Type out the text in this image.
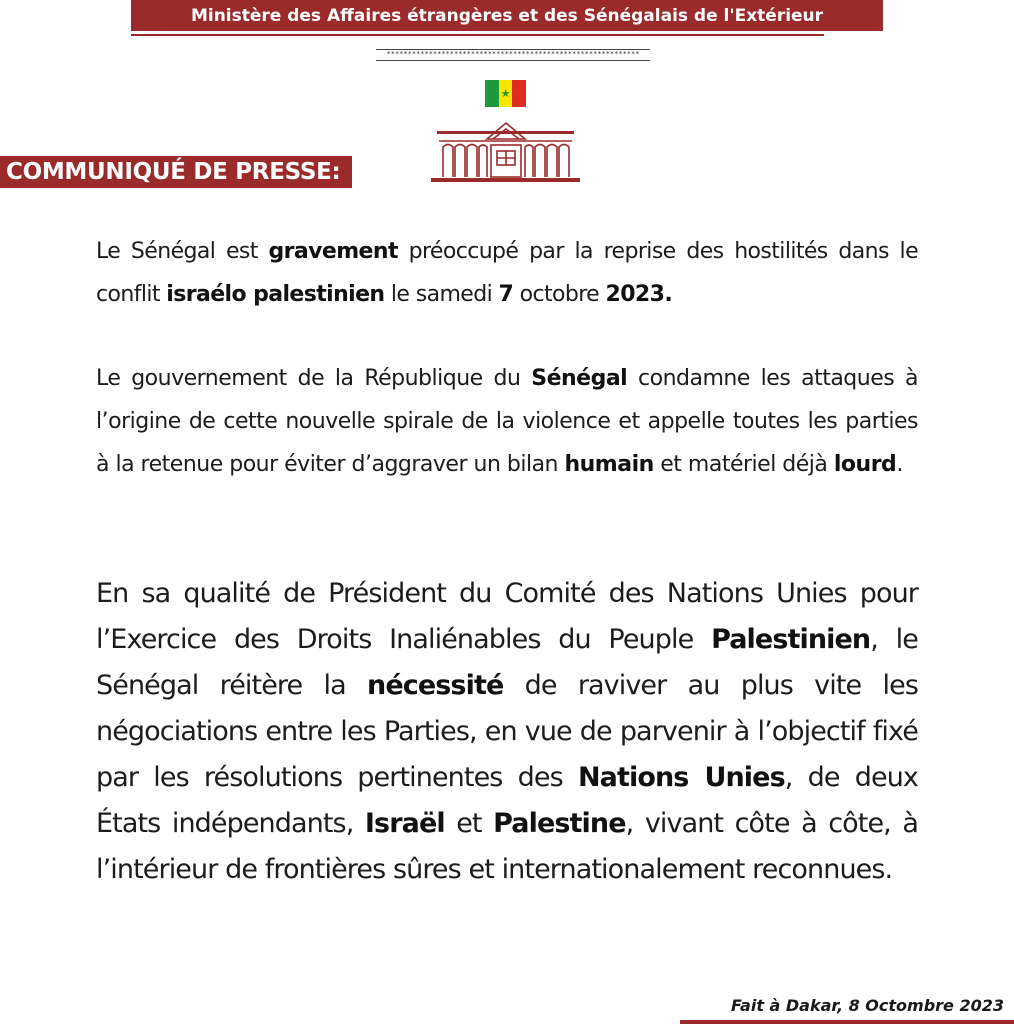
Ministère des Affaires étrangères et des Sénégalais de l'Extérieur
************************************************************
★
COMMUNIQUÉ DE PRESSE:

Le Sénégal est gravement préoccupé par la reprise des hostilités dans le conflit israélo palestinien le samedi 7 octobre 2023.

Le gouvernement de la République du Sénégal condamne les attaques à l’origine de cette nouvelle spirale de la violence et appelle toutes les parties à la retenue pour éviter d’aggraver un bilan humain et matériel déjà lourd.

En sa qualité de Président du Comité des Nations Unies pour l’Exercice des Droits Inaliénables du Peuple Palestinien, le Sénégal réitère la nécessité de raviver au plus vite les négociations entre les Parties, en vue de parvenir à l’objectif fixé par les résolutions pertinentes des Nations Unies, de deux États indépendants, Israël et Palestine, vivant côte à côte, à l’intérieur de frontières sûres et internationalement reconnues.

Fait à Dakar, 8 Octombre 2023
